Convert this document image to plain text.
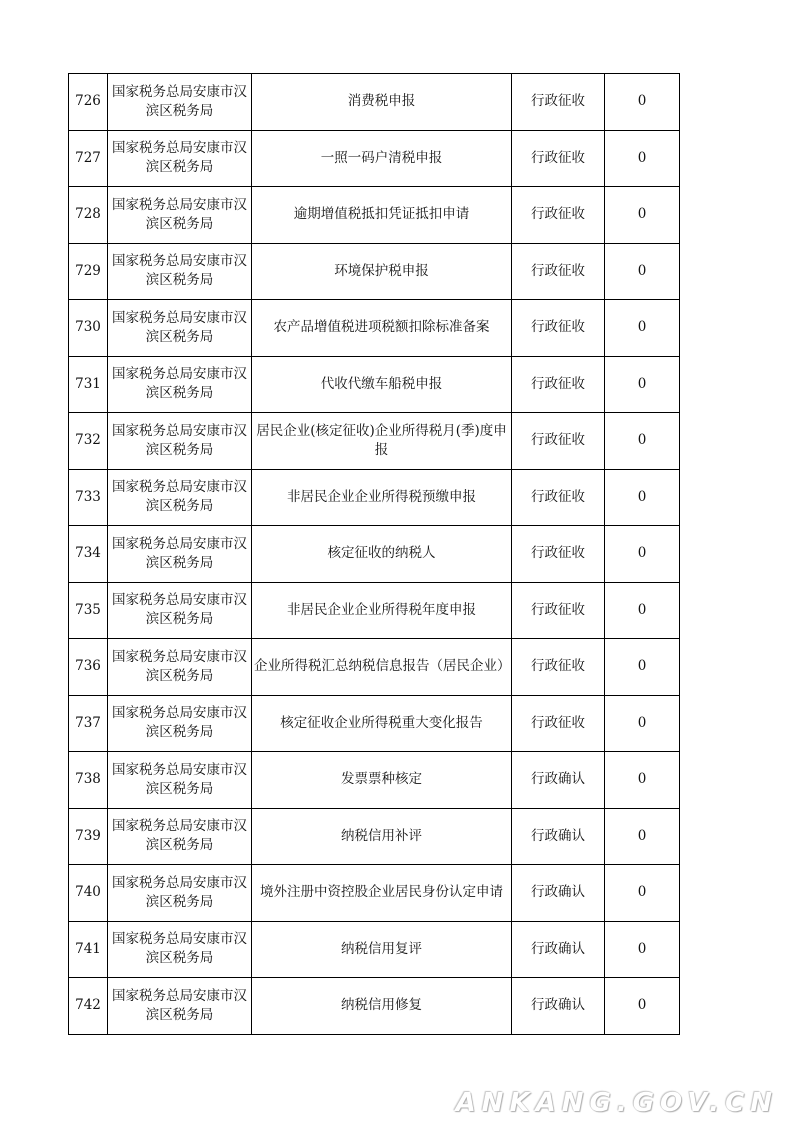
726	国家税务总局安康市汉滨区税务局	消费税申报	行政征收	0
727	国家税务总局安康市汉滨区税务局	一照一码户清税申报	行政征收	0
728	国家税务总局安康市汉滨区税务局	逾期增值税抵扣凭证抵扣申请	行政征收	0
729	国家税务总局安康市汉滨区税务局	环境保护税申报	行政征收	0
730	国家税务总局安康市汉滨区税务局	农产品增值税进项税额扣除标准备案	行政征收	0
731	国家税务总局安康市汉滨区税务局	代收代缴车船税申报	行政征收	0
732	国家税务总局安康市汉滨区税务局	居民企业(核定征收)企业所得税月(季)度申报	行政征收	0
733	国家税务总局安康市汉滨区税务局	非居民企业企业所得税预缴申报	行政征收	0
734	国家税务总局安康市汉滨区税务局	核定征收的纳税人	行政征收	0
735	国家税务总局安康市汉滨区税务局	非居民企业企业所得税年度申报	行政征收	0
736	国家税务总局安康市汉滨区税务局	企业所得税汇总纳税信息报告（居民企业）	行政征收	0
737	国家税务总局安康市汉滨区税务局	核定征收企业所得税重大变化报告	行政征收	0
738	国家税务总局安康市汉滨区税务局	发票票种核定	行政确认	0
739	国家税务总局安康市汉滨区税务局	纳税信用补评	行政确认	0
740	国家税务总局安康市汉滨区税务局	境外注册中资控股企业居民身份认定申请	行政确认	0
741	国家税务总局安康市汉滨区税务局	纳税信用复评	行政确认	0
742	国家税务总局安康市汉滨区税务局	纳税信用修复	行政确认	0
ANKANG.GOV.CN
